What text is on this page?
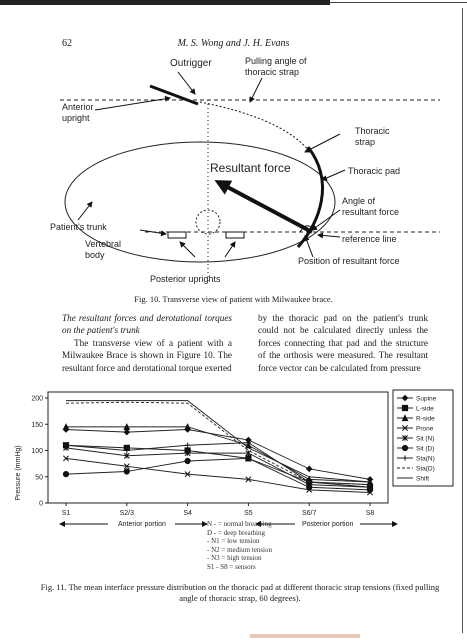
62	M. S. Wong and J. H. Evans
Outrigger	Pulling angle of
thoracic strap
Anterior
upright
Thoracic
strap
Resultant force	Thoracic pad
Angle of
resultant force
Patient's trunk
reference line
Vertebral
body
Position of resultant force
Posterior uprights
Fig. 10. Transverse view of patient with Milwaukee brace.
The resultant forces and derotational torques on the patient's trunk
The transverse view of a patient with a Milwaukee Brace is shown in Figure 10. The resultant force and derotational torque exerted
by the thoracic pad on the patient's trunk could not be calculated directly unless the forces connecting that pad and the structure of the orthosis were measured. The resultant force vector can be calculated from pressure
0
50
100
150
200
S1	S2/3	S4	S5	S6/7	S8
Supine
L-side
R-side
Prone
Sit (N)
Sit (D)
Sta(N)
Sta(D)
Shift
Pressure (mmHg)
Anterior portion	Posterior portion
N - = normal breathing
D - = deep breathing
- N1 = low tension
- N2 = medium tension
- N3 = high tension
S1 - S8 = sensors
Fig. 11. The mean interface pressure distribution on the thoracic pad at different thoracic strap tensions (fixed pulling angle of thoracic strap, 60 degrees).
